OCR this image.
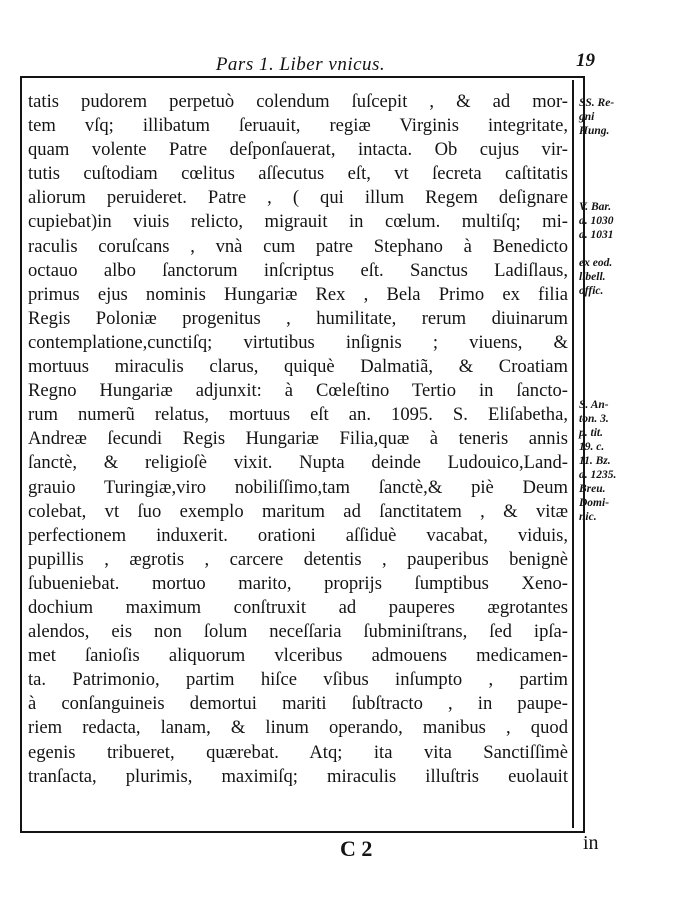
Pars 1. Liber vnicus.	19
tatis pudorem perpetuò colendum ſuſcepit , & ad mor-
tem vſq; illibatum ſeruauit, regiæ Virginis integritate,
quam volente Patre deſponſauerat, intacta. Ob cujus vir-
tutis cuſtodiam cœlitus aſſecutus eſt, vt ſecreta caſtitatis
aliorum peruideret. Patre , ( qui illum Regem deſignare
cupiebat)in viuis relicto, migrauit in cœlum. multiſq; mi-
raculis coruſcans , vnà cum patre Stephano à Benedicto
octauo albo ſanctorum inſcriptus eſt. Sanctus Ladiſlaus,
primus ejus nominis Hungariæ Rex , Bela Primo ex filia
Regis Poloniæ progenitus , humilitate, rerum diuinarum
contemplatione,cunctiſq; virtutibus inſignis ; viuens, &
mortuus miraculis clarus, quiquè Dalmatiã, & Croatiam
Regno Hungariæ adjunxit: à Cœleſtino Tertio in ſancto-
rum numerũ relatus, mortuus eſt an. 1095. S. Eliſabetha,
Andreæ ſecundi Regis Hungariæ Filia,quæ à teneris annis
ſanctè, & religioſè vixit. Nupta deinde Ludouico,Land-
grauio Turingiæ,viro nobiliſſimo,tam ſanctè,& piè Deum
colebat, vt ſuo exemplo maritum ad ſanctitatem , & vitæ
perfectionem induxerit. orationi aſſiduè vacabat, viduis,
pupillis , ægrotis , carcere detentis , pauperibus benignè
ſubueniebat. mortuo marito, proprijs ſumptibus Xeno-
dochium maximum conſtruxit ad pauperes ægrotantes
alendos, eis non ſolum neceſſaria ſubminiſtrans, ſed ipſa-
met ſanioſis aliquorum vlceribus admouens medicamen-
ta. Patrimonio, partim hiſce vſibus inſumpto , partim
à conſanguineis demortui mariti ſubſtracto , in paupe-
riem redacta, lanam, & linum operando, manibus , quod
egenis tribueret, quærebat. Atq; ita vita Sanctiſſimè
tranſacta, plurimis, maximiſq; miraculis illuſtris euolauit
SS. Re-
gni
Hung.
V. Bar.
a. 1030
a. 1031

ex eod.
libell.
offic.
S. An-
ton. 3.
p. tit.
19. c.
11. Bz.
a. 1235.
Breu.
Domi-
nic.
C 2	in
